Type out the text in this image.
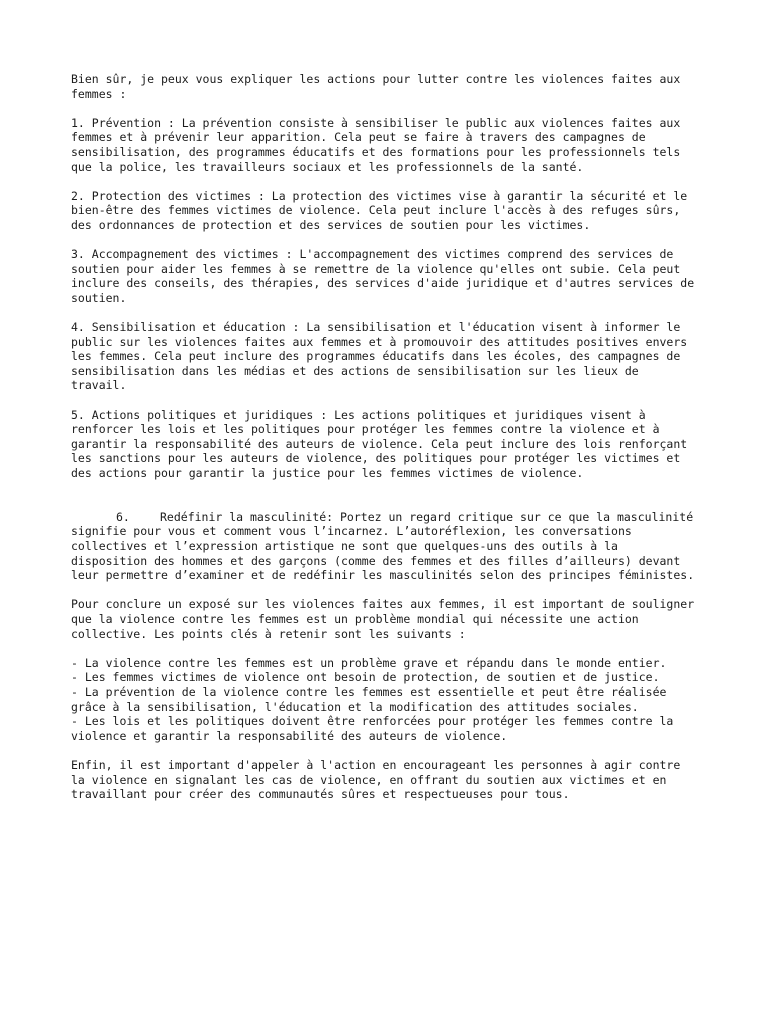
Bien sûr, je peux vous expliquer les actions pour lutter contre les violences faites aux femmes :

1. Prévention : La prévention consiste à sensibiliser le public aux violences faites aux femmes et à prévenir leur apparition. Cela peut se faire à travers des campagnes de sensibilisation, des programmes éducatifs et des formations pour les professionnels tels que la police, les travailleurs sociaux et les professionnels de la santé.

2. Protection des victimes : La protection des victimes vise à garantir la sécurité et le bien-être des femmes victimes de violence. Cela peut inclure l'accès à des refuges sûrs, des ordonnances de protection et des services de soutien pour les victimes.

3. Accompagnement des victimes : L'accompagnement des victimes comprend des services de soutien pour aider les femmes à se remettre de la violence qu'elles ont subie. Cela peut inclure des conseils, des thérapies, des services d'aide juridique et d'autres services de soutien.

4. Sensibilisation et éducation : La sensibilisation et l'éducation visent à informer le public sur les violences faites aux femmes et à promouvoir des attitudes positives envers les femmes. Cela peut inclure des programmes éducatifs dans les écoles, des campagnes de sensibilisation dans les médias et des actions de sensibilisation sur les lieux de travail.

5. Actions politiques et juridiques : Les actions politiques et juridiques visent à renforcer les lois et les politiques pour protéger les femmes contre la violence et à garantir la responsabilité des auteurs de violence. Cela peut inclure des lois renforçant les sanctions pour les auteurs de violence, des politiques pour protéger les victimes et des actions pour garantir la justice pour les femmes victimes de violence.

6.	Redéfinir la masculinité: Portez un regard critique sur ce que la masculinité signifie pour vous et comment vous l’incarnez. L’autoréflexion, les conversations collectives et l’expression artistique ne sont que quelques-uns des outils à la disposition des hommes et des garçons (comme des femmes et des filles d’ailleurs) devant leur permettre d’examiner et de redéfinir les masculinités selon des principes féministes.

Pour conclure un exposé sur les violences faites aux femmes, il est important de souligner que la violence contre les femmes est un problème mondial qui nécessite une action collective. Les points clés à retenir sont les suivants :

- La violence contre les femmes est un problème grave et répandu dans le monde entier.
- Les femmes victimes de violence ont besoin de protection, de soutien et de justice.
- La prévention de la violence contre les femmes est essentielle et peut être réalisée grâce à la sensibilisation, l'éducation et la modification des attitudes sociales.
- Les lois et les politiques doivent être renforcées pour protéger les femmes contre la violence et garantir la responsabilité des auteurs de violence.

Enfin, il est important d'appeler à l'action en encourageant les personnes à agir contre la violence en signalant les cas de violence, en offrant du soutien aux victimes et en travaillant pour créer des communautés sûres et respectueuses pour tous.
